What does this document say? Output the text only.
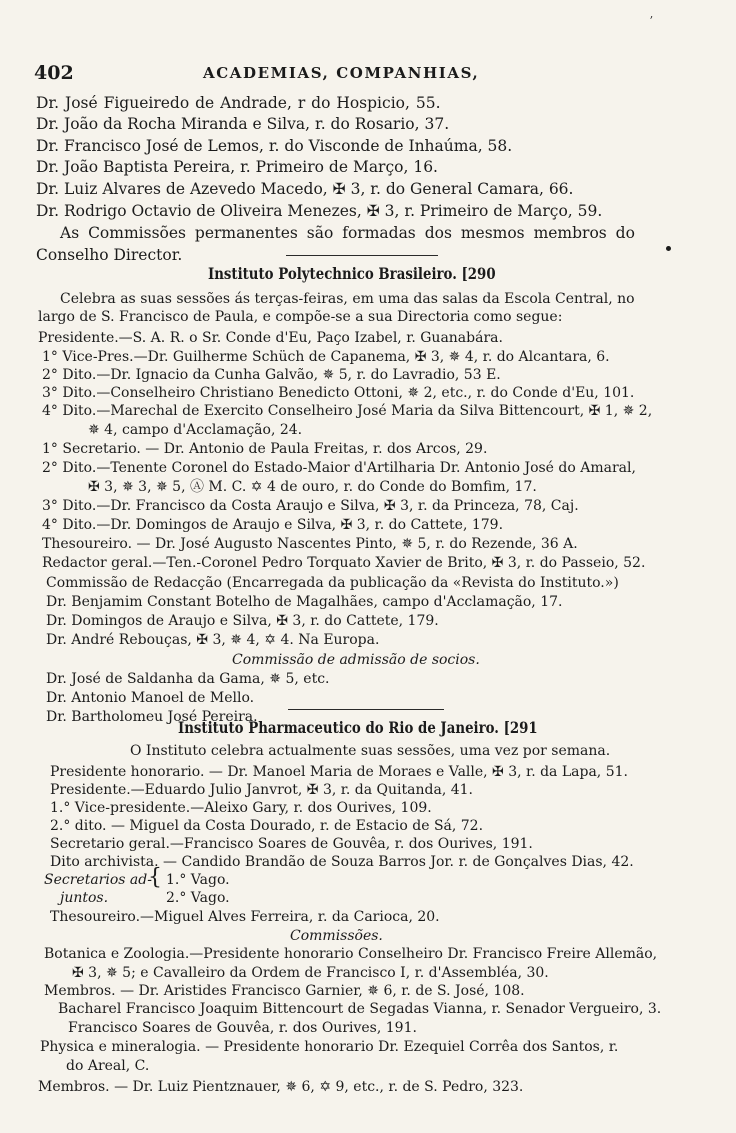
402	ACADEMIAS, COMPANHIAS,
ʼ
Dr. José Figueiredo de Andrade, r do Hospicio, 55.
Dr. João da Rocha Miranda e Silva, r. do Rosario, 37.
Dr. Francisco José de Lemos, r. do Visconde de Inhaúma, 58.
Dr. João Baptista Pereira, r. Primeiro de Março, 16.
Dr. Luiz Alvares de Azevedo Macedo, ✠ 3, r. do General Camara, 66.
Dr. Rodrigo Octavio de Oliveira Menezes, ✠ 3, r. Primeiro de Março, 59.
As Commissões permanentes são formadas dos mesmos membros do
Conselho Director.
Instituto Polytechnico Brasileiro. [290
Celebra as suas sessões ás terças-feiras, em uma das salas da Escola Central, no
largo de S. Francisco de Paula, e compõe-se a sua Directoria como segue:
Presidente.—S. A. R. o Sr. Conde d'Eu, Paço Izabel, r. Guanabára.
1° Vice-Pres.—Dr. Guilherme Schüch de Capanema, ✠ 3, ✵ 4, r. do Alcantara, 6.
2° Dito.—Dr. Ignacio da Cunha Galvão, ✵ 5, r. do Lavradio, 53 E.
3° Dito.—Conselheiro Christiano Benedicto Ottoni, ✵ 2, etc., r. do Conde d'Eu, 101.
4° Dito.—Marechal de Exercito Conselheiro José Maria da Silva Bittencourt, ✠ 1, ✵ 2,
✵ 4, campo d'Acclamação, 24.
1° Secretario. — Dr. Antonio de Paula Freitas, r. dos Arcos, 29.
2° Dito.—Tenente Coronel do Estado-Maior d'Artilharia Dr. Antonio José do Amaral,
✠ 3, ✵ 3, ✵ 5, Ⓐ M. C. ✡ 4 de ouro, r. do Conde do Bomfim, 17.
3° Dito.—Dr. Francisco da Costa Araujo e Silva, ✠ 3, r. da Princeza, 78, Caj.
4° Dito.—Dr. Domingos de Araujo e Silva, ✠ 3, r. do Cattete, 179.
Thesoureiro. — Dr. José Augusto Nascentes Pinto, ✵ 5, r. do Rezende, 36 A.
Redactor geral.—Ten.-Coronel Pedro Torquato Xavier de Brito, ✠ 3, r. do Passeio, 52.
Commissão de Redacção (Encarregada da publicação da «Revista do Instituto.»)
Dr. Benjamim Constant Botelho de Magalhães, campo d'Acclamação, 17.
Dr. Domingos de Araujo e Silva, ✠ 3, r. do Cattete, 179.
Dr. André Rebouças, ✠ 3, ✵ 4, ✡ 4. Na Europa.
Commissão de admissão de socios.
Dr. José de Saldanha da Gama, ✵ 5, etc.
Dr. Antonio Manoel de Mello.
Dr. Bartholomeu José Pereira.
Instituto Pharmaceutico do Rio de Janeiro. [291
O Instituto celebra actualmente suas sessões, uma vez por semana.
Presidente honorario. — Dr. Manoel Maria de Moraes e Valle, ✠ 3, r. da Lapa, 51.
Presidente.—Eduardo Julio Janvrot, ✠ 3, r. da Quitanda, 41.
1.° Vice-presidente.—Aleixo Gary, r. dos Ourives, 109.
2.° dito. — Miguel da Costa Dourado, r. de Estacio de Sá, 72.
Secretario geral.—Francisco Soares de Gouvêa, r. dos Ourives, 191.
Dito archivista. — Candido Brandão de Souza Barros Jor. r. de Gonçalves Dias, 42.
Secretarios ad-
juntos.
{ 1.° Vago.
2.° Vago.
Thesoureiro.—Miguel Alves Ferreira, r. da Carioca, 20.
Commissões.
Botanica e Zoologia.—Presidente honorario Conselheiro Dr. Francisco Freire Allemão,
✠ 3, ✵ 5; e Cavalleiro da Ordem de Francisco I, r. d'Assembléa, 30.
Membros. — Dr. Aristides Francisco Garnier, ✵ 6, r. de S. José, 108.
Bacharel Francisco Joaquim Bittencourt de Segadas Vianna, r. Senador Vergueiro, 3.
Francisco Soares de Gouvêa, r. dos Ourives, 191.
Physica e mineralogia. — Presidente honorario Dr. Ezequiel Corrêa dos Santos, r.
do Areal, C.
Membros. — Dr. Luiz Pientznauer, ✵ 6, ✡ 9, etc., r. de S. Pedro, 323.
